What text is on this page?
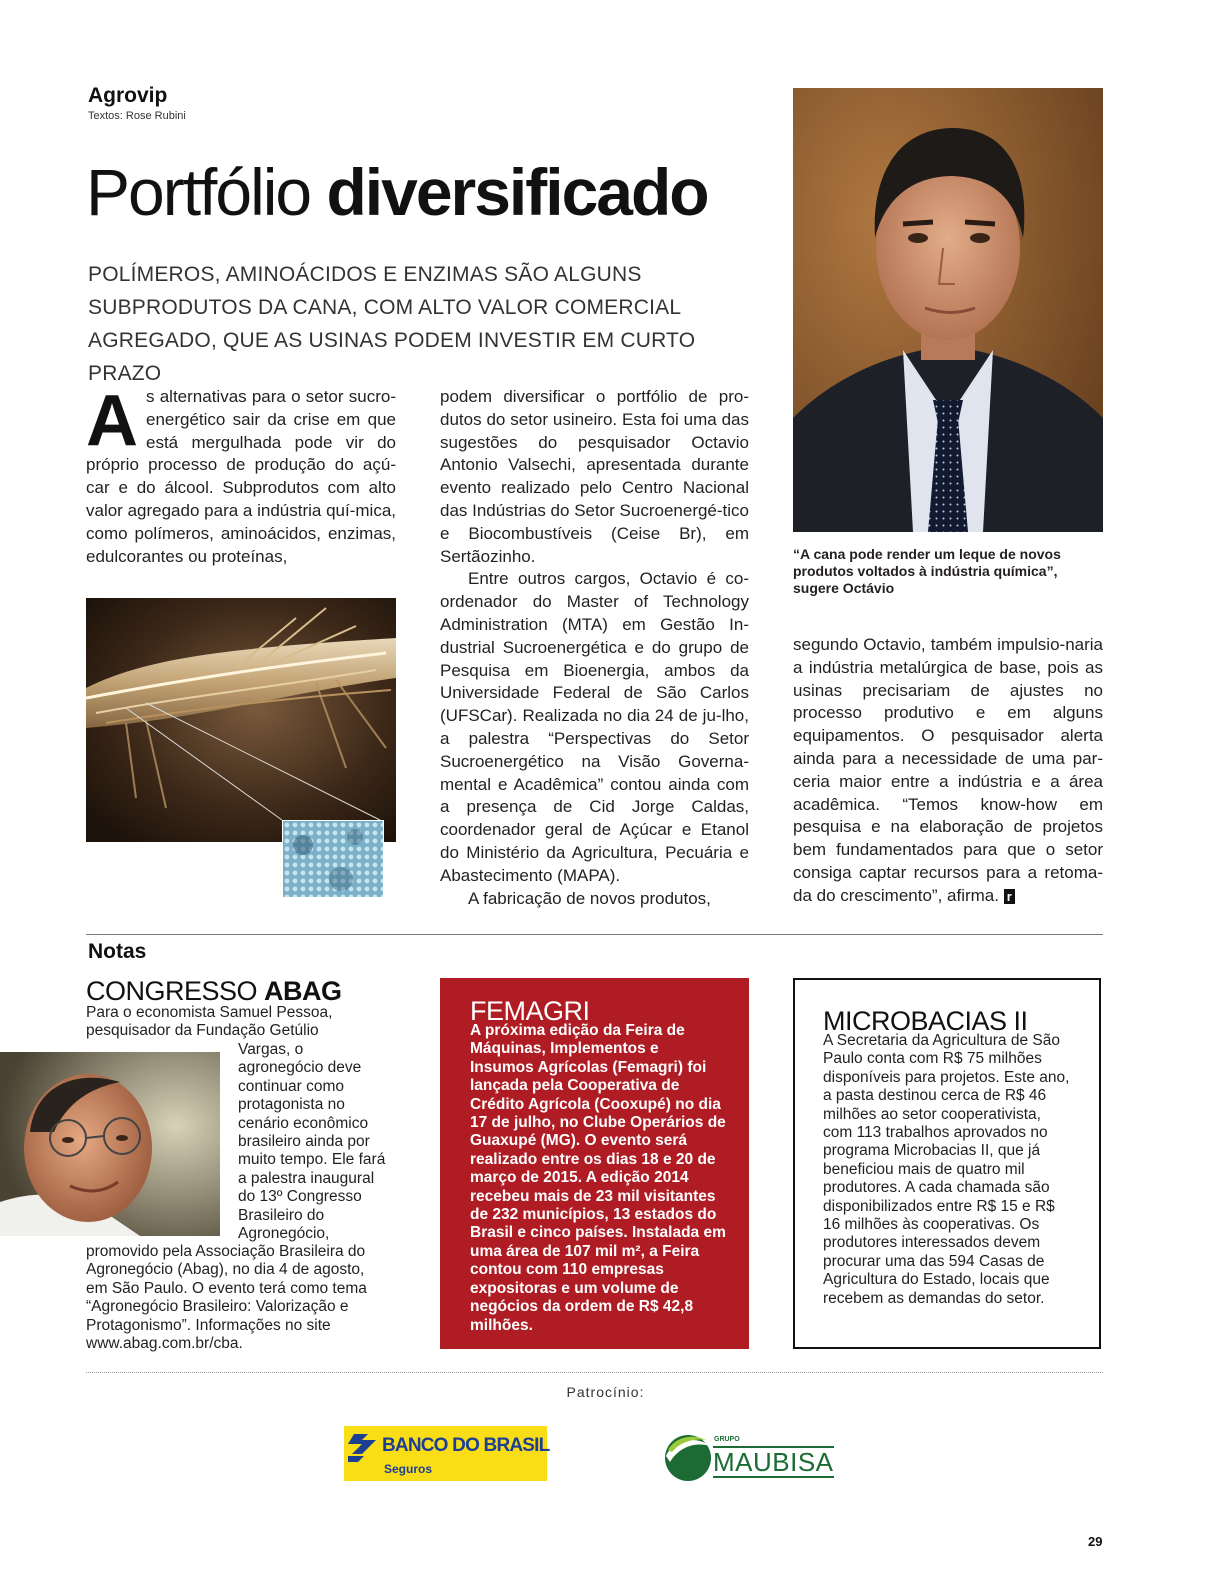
Agrovip
Textos: Rose Rubini
Portfólio diversificado
POLÍMEROS, AMINOÁCIDOS E ENZIMAS SÃO ALGUNS SUBPRODUTOS DA CANA, COM ALTO VALOR COMERCIAL AGREGADO, QUE AS USINAS PODEM INVESTIR EM CURTO PRAZO

As alternativas para o setor sucro-energético sair da crise em que está mergulhada pode vir do próprio processo de produção do açú-car e do álcool. Subprodutos com alto valor agregado para a indústria quí-mica, como polímeros, aminoácidos, enzimas, edulcorantes ou proteínas,

podem diversificar o portfólio de pro-dutos do setor usineiro. Esta foi uma das sugestões do pesquisador Octavio Antonio Valsechi, apresentada durante evento realizado pelo Centro Nacional das Indústrias do Setor Sucroenergé-tico e Biocombustíveis (Ceise Br), em Sertãozinho.

Entre outros cargos, Octavio é co-ordenador do Master of Technology Administration (MTA) em Gestão In-dustrial Sucroenergética e do grupo de Pesquisa em Bioenergia, ambos da Universidade Federal de São Carlos (UFSCar). Realizada no dia 24 de ju-lho, a palestra “Perspectivas do Setor Sucroenergético na Visão Governa-mental e Acadêmica” contou ainda com a presença de Cid Jorge Caldas, coordenador geral de Açúcar e Etanol do Ministério da Agricultura, Pecuária e Abastecimento (MAPA).

A fabricação de novos produtos,

“A cana pode render um leque de novos produtos voltados à indústria química”, sugere Octávio

segundo Octavio, também impulsio-naria a indústria metalúrgica de base, pois as usinas precisariam de ajustes no processo produtivo e em alguns equipamentos. O pesquisador alerta ainda para a necessidade de uma par-ceria maior entre a indústria e a área acadêmica. “Temos know-how em pesquisa e na elaboração de projetos bem fundamentados para que o setor consiga captar recursos para a retoma-da do crescimento”, afirma. r

Notas
CONGRESSO ABAG
Para o economista Samuel Pessoa, pesquisador da Fundação Getúlio
Vargas, o agronegócio deve continuar como protagonista no cenário econômico brasileiro ainda por muito tempo. Ele fará a palestra inaugural do 13º Congresso Brasileiro do Agronegócio,
promovido pela Associação Brasileira do Agronegócio (Abag), no dia 4 de agosto, em São Paulo. O evento terá como tema “Agronegócio Brasileiro: Valorização e Protagonismo”. Informações no site www.abag.com.br/cba.
FEMAGRI
A próxima edição da Feira de Máquinas, Implementos e Insumos Agrícolas (Femagri) foi lançada pela Cooperativa de Crédito Agrícola (Cooxupé) no dia 17 de julho, no Clube Operários de Guaxupé (MG). O evento será realizado entre os dias 18 e 20 de março de 2015. A edição 2014 recebeu mais de 23 mil visitantes de 232 municípios, 13 estados do Brasil e cinco países. Instalada em uma área de 107 mil m², a Feira contou com 110 empresas expositoras e um volume de negócios da ordem de R$ 42,8 milhões.
MICROBACIAS II
A Secretaria da Agricultura de São Paulo conta com R$ 75 milhões disponíveis para projetos. Este ano, a pasta destinou cerca de R$ 46 milhões ao setor cooperativista, com 113 trabalhos aprovados no programa Microbacias II, que já beneficiou mais de quatro mil produtores. A cada chamada são disponibilizados entre R$ 15 e R$ 16 milhões às cooperativas. Os produtores interessados devem procurar uma das 594 Casas de Agricultura do Estado, locais que recebem as demandas do setor.
Patrocínio:
BANCO DO BRASIL
Seguros
GRUPO
MAUBISA
29
